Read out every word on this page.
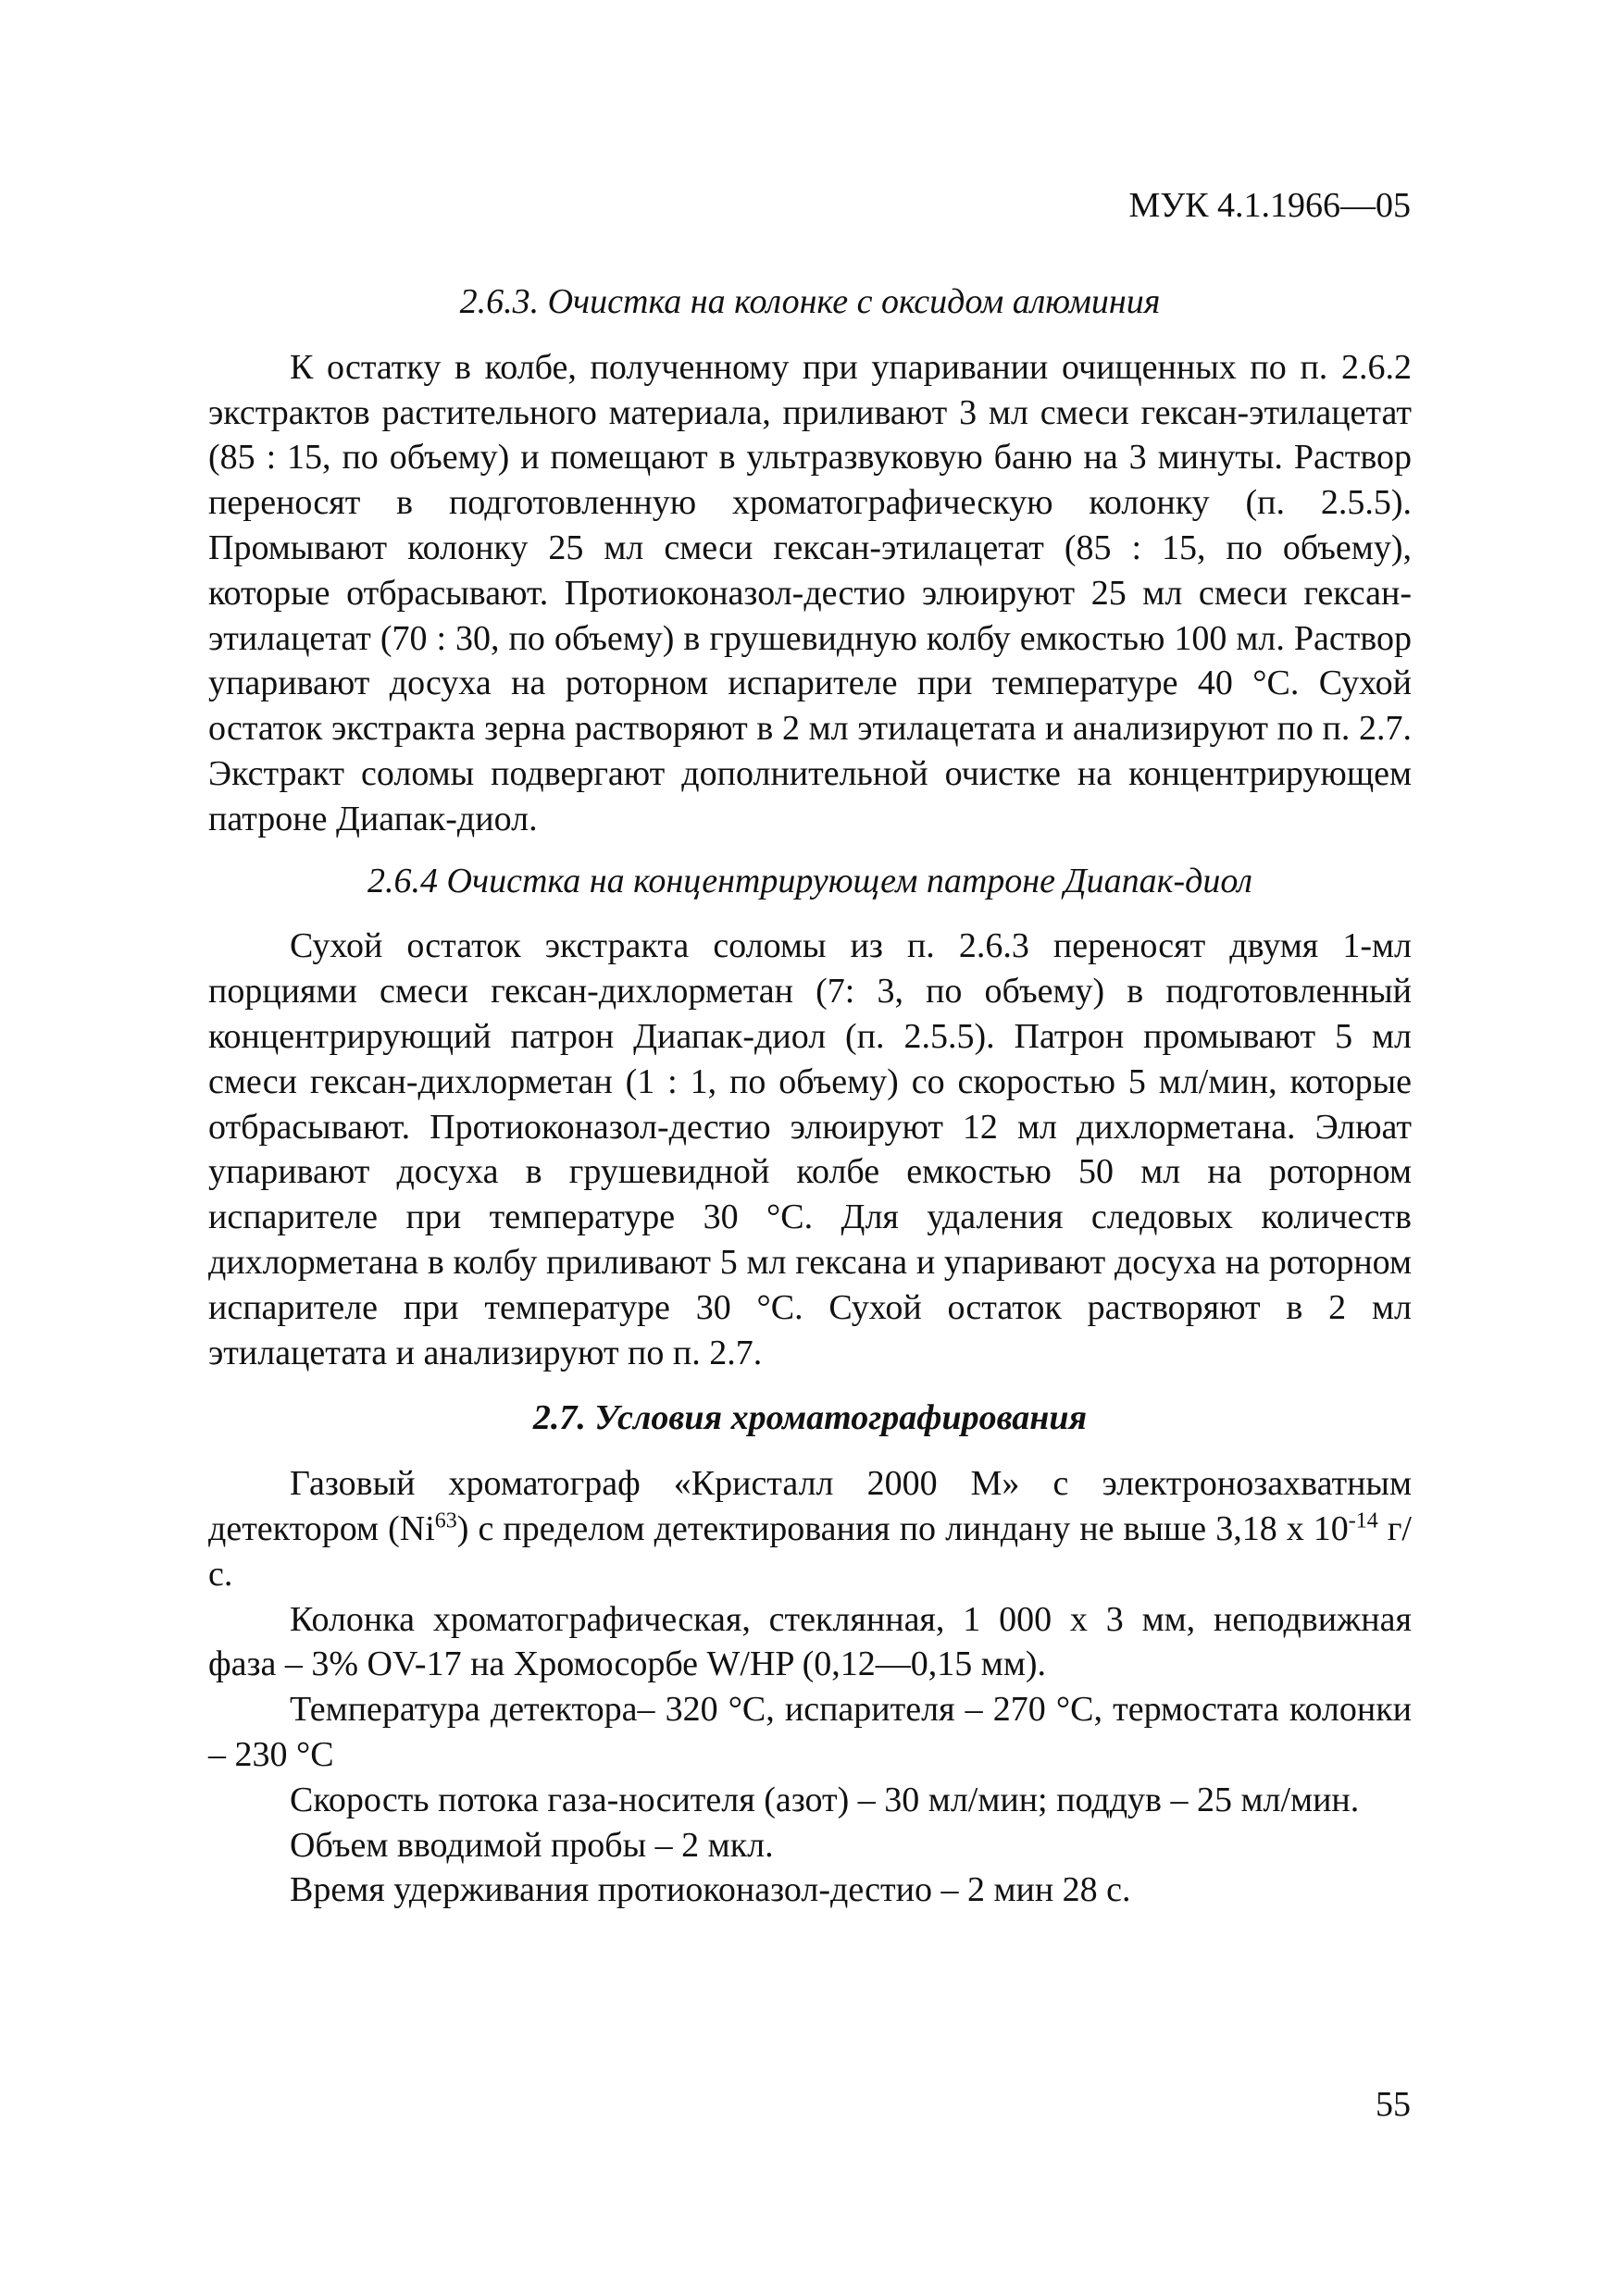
МУК 4.1.1966—05
2.6.3. Очистка на колонке с оксидом алюминия

К остатку в колбе, полученному при упаривании очищенных по п. 2.6.2 экстрактов растительного материала, приливают 3 мл смеси гексан-этилацетат (85 : 15, по объему) и помещают в ультразвуковую баню на 3 минуты. Раствор переносят в подготовленную хроматографическую колонку (п. 2.5.5). Промывают колонку 25 мл смеси гексан-этилацетат (85 : 15, по объему), которые отбрасывают. Протиоконазол-дестио элюируют 25 мл смеси гексан-этилацетат (70 : 30, по объему) в грушевидную колбу емкостью 100 мл. Раствор упаривают досуха на роторном испарителе при температуре 40 °С. Сухой остаток экстракта зерна растворяют в 2 мл этилацетата и анализируют по п. 2.7. Экстракт соломы подвергают дополнительной очистке на концентрирующем патроне Диапак-диол.

2.6.4 Очистка на концентрирующем патроне Диапак-диол

Сухой остаток экстракта соломы из п. 2.6.3 переносят двумя 1-мл порциями смеси гексан-дихлорметан (7: 3, по объему) в подготовленный концентрирующий патрон Диапак-диол (п. 2.5.5). Патрон промывают 5 мл смеси гексан-дихлорметан (1 : 1, по объему) со скоростью 5 мл/мин, которые отбрасывают. Протиоконазол-дестио элюируют 12 мл дихлорметана. Элюат упаривают досуха в грушевидной колбе емкостью 50 мл на роторном испарителе при температуре 30 °С. Для удаления следовых количеств дихлорметана в колбу приливают 5 мл гексана и упаривают досуха на роторном испарителе при температуре 30 °С. Сухой остаток растворяют в 2 мл этилацетата и анализируют по п. 2.7.

2.7. Условия хроматографирования

Газовый хроматограф «Кристалл 2000 М» с электронозахватным детектором (Ni$^{63}$) с пределом детектирования по линдану не выше 3,18 х $10^{-14}$ г/с.

Колонка хроматографическая, стеклянная, 1 000 х 3 мм, неподвижная фаза – 3% OV-17 на Хромосорбе W/HP (0,12—0,15 мм).

Температура детектора– 320 °С, испарителя – 270 °С, термостата колонки – 230 °С

Скорость потока газа-носителя (азот) – 30 мл/мин; поддув – 25 мл/мин.

Объем вводимой пробы – 2 мкл.

Время удерживания протиоконазол-дестио – 2 мин 28 с.

55
